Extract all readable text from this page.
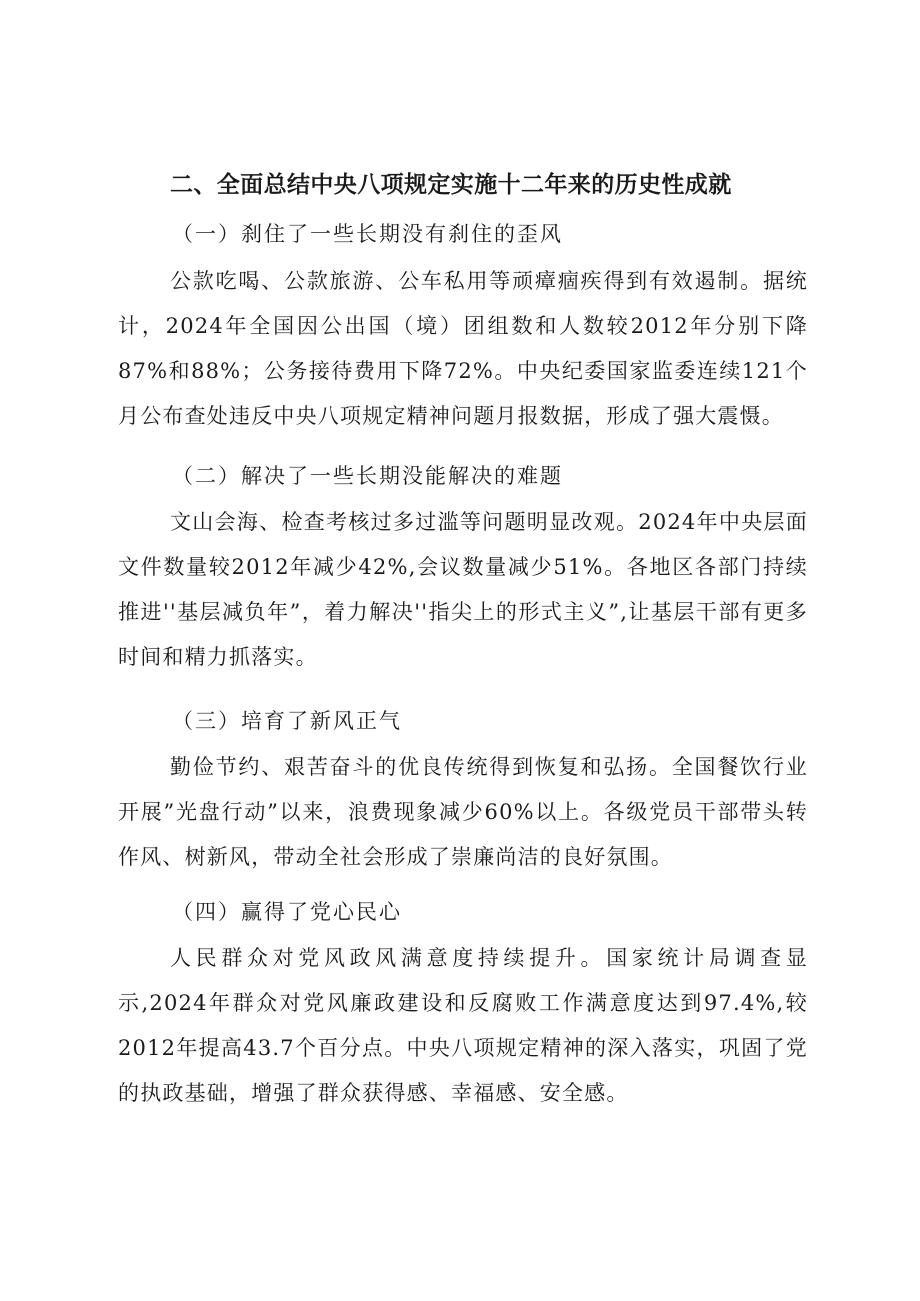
二、全面总结中央八项规定实施十二年来的历史性成就
（一）刹住了一些长期没有刹住的歪风
公款吃喝、公款旅游、公车私用等顽瘴痼疾得到有效遏制。据统计，2024年全国因公出国（境）团组数和人数较2012年分别下降87%和88%；公务接待费用下降72%。中央纪委国家监委连续121个月公布查处违反中央八项规定精神问题月报数据，形成了强大震慑。
（二）解决了一些长期没能解决的难题
文山会海、检查考核过多过滥等问题明显改观。2024年中央层面文件数量较2012年减少42%,会议数量减少51%。各地区各部门持续推进''基层减负年”，着力解决''指尖上的形式主义”,让基层干部有更多时间和精力抓落实。
（三）培育了新风正气
勤俭节约、艰苦奋斗的优良传统得到恢复和弘扬。全国餐饮行业开展”光盘行动”以来，浪费现象减少60%以上。各级党员干部带头转作风、树新风，带动全社会形成了崇廉尚洁的良好氛围。
（四）赢得了党心民心
人民群众对党风政风满意度持续提升。国家统计局调查显示,2024年群众对党风廉政建设和反腐败工作满意度达到97.4%,较2012年提高43.7个百分点。中央八项规定精神的深入落实，巩固了党的执政基础，增强了群众获得感、幸福感、安全感。
